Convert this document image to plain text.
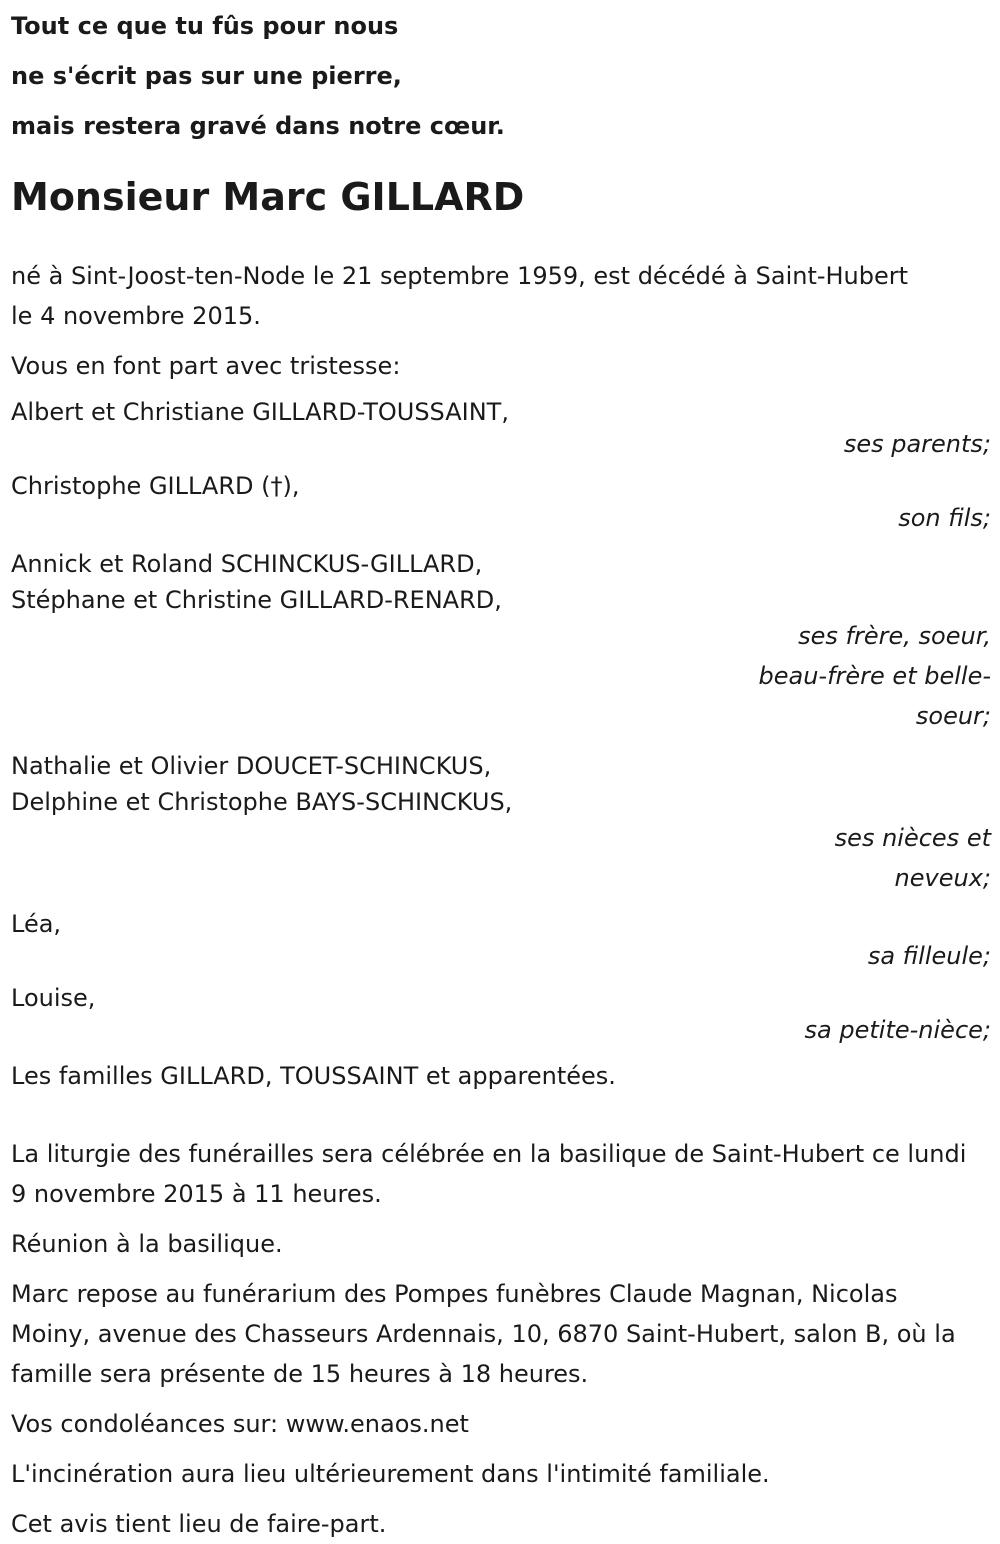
Tout ce que tu fûs pour nous
ne s'écrit pas sur une pierre,
mais restera gravé dans notre cœur.
Monsieur Marc GILLARD
né à Sint-Joost-ten-Node le 21 septembre 1959, est décédé à Saint-Hubert le 4 novembre 2015.
Vous en font part avec tristesse:
Albert et Christiane GILLARD-TOUSSAINT,
ses parents;
Christophe GILLARD (†),
son fils;
Annick et Roland SCHINCKUS-GILLARD,
Stéphane et Christine GILLARD-RENARD,
ses frère, soeur, beau-frère et belle-soeur;
Nathalie et Olivier DOUCET-SCHINCKUS,
Delphine et Christophe BAYS-SCHINCKUS,
ses nièces et neveux;
Léa,
sa filleule;
Louise,
sa petite-nièce;
Les familles GILLARD, TOUSSAINT et apparentées.
La liturgie des funérailles sera célébrée en la basilique de Saint-Hubert ce lundi 9 novembre 2015 à 11 heures.
Réunion à la basilique.
Marc repose au funérarium des Pompes funèbres Claude Magnan, Nicolas Moiny, avenue des Chasseurs Ardennais, 10, 6870 Saint-Hubert, salon B, où la famille sera présente de 15 heures à 18 heures.
Vos condoléances sur: www.enaos.net
L'incinération aura lieu ultérieurement dans l'intimité familiale.
Cet avis tient lieu de faire-part.
